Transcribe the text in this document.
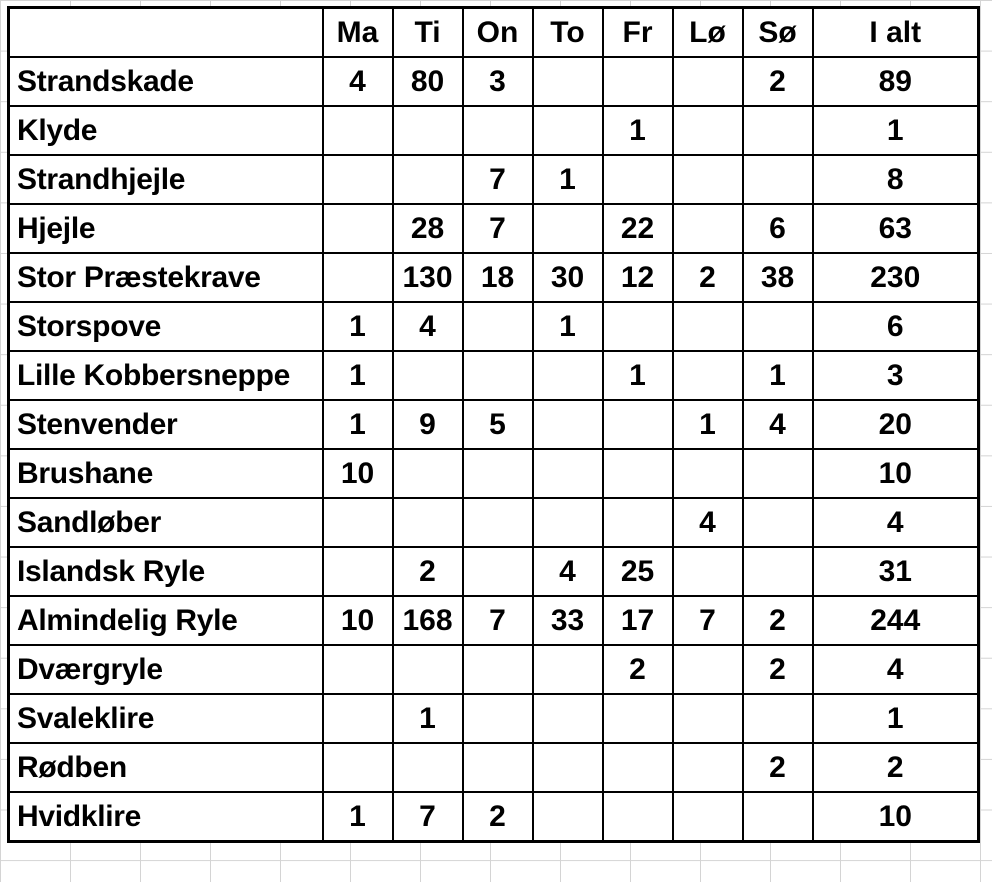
	Ma	Ti	On	To	Fr	Lø	Sø	I alt
Strandskade	4	80	3				2	89
Klyde					1			1
Strandhjejle			7	1				8
Hjejle		28	7		22		6	63
Stor Præstekrave		130	18	30	12	2	38	230
Storspove	1	4		1				6
Lille Kobbersneppe	1				1		1	3
Stenvender	1	9	5			1	4	20
Brushane	10							10
Sandløber						4		4
Islandsk Ryle		2		4	25			31
Almindelig Ryle	10	168	7	33	17	7	2	244
Dværgryle					2		2	4
Svaleklire		1						1
Rødben							2	2
Hvidklire	1	7	2					10
